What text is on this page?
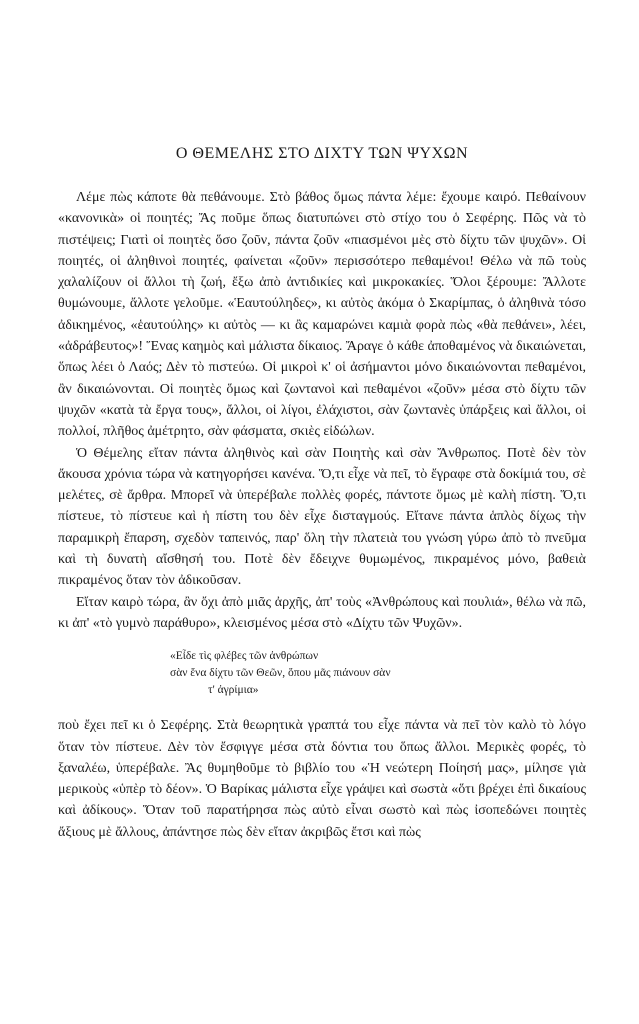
Ο ΘΕΜΕΛΗΣ ΣΤΟ ΔΙΧΤΥ ΤΩΝ ΨΥΧΩΝ

Λέμε πὼς κάποτε θὰ πεθάνουμε. Στὸ βάθος ὅμως πάντα λέμε: ἔχουμε καιρό. Πεθαίνουν «κανονικὰ» οἱ ποιητές; Ἄς ποῦμε ὅπως διατυπώνει στὸ στίχο του ὁ Σεφέρης. Πῶς νὰ τὸ πιστέψεις; Γιατὶ οἱ ποιητὲς ὅσο ζοῦν, πάντα ζοῦν «πιασμένοι μὲς στὸ δίχτυ τῶν ψυχῶν». Οἱ ποιητές, οἱ ἀληθινοὶ ποιητές, φαίνεται «ζοῦν» περισσότερο πεθαμένοι! Θέλω νὰ πῶ τοὺς χαλαλίζουν οἱ ἄλλοι τὴ ζωή, ἔξω ἀπὸ ἀντιδικίες καὶ μικροκακίες. Ὅλοι ξέρουμε: Ἄλλοτε θυμώνουμε, ἄλλοτε γελοῦμε. «Ἑαυτούληδες», κι αὐτὸς ἀκόμα ὁ Σκαρίμπας, ὁ ἀληθινὰ τόσο ἀδικημένος, «ἑαυτούλης» κι αὐτὸς — κι ἂς καμαρώνει καμιὰ φορὰ πὼς «θὰ πεθάνει», λέει, «ἀδράβευτος»! Ἕνας καημὸς καὶ μάλιστα δίκαιος. Ἄραγε ὁ κάθε ἀποθαμένος νὰ δικαιώνεται, ὅπως λέει ὁ Λαός; Δὲν τὸ πιστεύω. Οἱ μικροὶ κ' οἱ ἀσήμαντοι μόνο δικαιώνονται πεθαμένοι, ἂν δικαιώνονται. Οἱ ποιητὲς ὅμως καὶ ζωντανοὶ καὶ πεθαμένοι «ζοῦν» μέσα στὸ δίχτυ τῶν ψυχῶν «κατὰ τὰ ἔργα τους», ἄλλοι, οἱ λίγοι, ἐλάχιστοι, σὰν ζωντανὲς ὑπάρξεις καὶ ἄλλοι, οἱ πολλοί, πλῆθος ἀμέτρητο, σὰν φάσματα, σκιὲς εἰδώλων.

Ὁ Θέμελης εἴταν πάντα ἀληθινὸς καὶ σὰν Ποιητὴς καὶ σὰν Ἄνθρωπος. Ποτὲ δὲν τὸν ἄκουσα χρόνια τώρα νὰ κατηγορήσει κανένα. Ὅ,τι εἶχε νὰ πεῖ, τὸ ἔγραφε στὰ δοκίμιά του, σὲ μελέτες, σὲ ἄρθρα. Μπορεῖ νὰ ὑπερέβαλε πολλὲς φορές, πάντοτε ὅμως μὲ καλὴ πίστη. Ὅ,τι πίστευε, τὸ πίστευε καὶ ἡ πίστη του δὲν εἶχε δισταγμούς. Εἴτανε πάντα ἁπλὸς δίχως τὴν παραμικρὴ ἔπαρση, σχεδὸν ταπεινός, παρ' ὅλη τὴν πλατειὰ του γνώση γύρω ἀπὸ τὸ πνεῦμα καὶ τὴ δυνατὴ αἴσθησή του. Ποτὲ δὲν ἔδειχνε θυμωμένος, πικραμένος μόνο, βαθειὰ πικραμένος ὅταν τὸν ἀδικοῦσαν.

Εἴταν καιρὸ τώρα, ἂν ὄχι ἀπὸ μιᾶς ἀρχῆς, ἀπ' τοὺς «Ἀνθρώπους καὶ πουλιά», θέλω νὰ πῶ, κι ἀπ' «τὸ γυμνὸ παράθυρο», κλεισμένος μέσα στὸ «Δίχτυ τῶν Ψυχῶν».

«Εἶδε τὶς φλέβες τῶν ἀνθρώπων
σὰν ἕνα δίχτυ τῶν Θεῶν, ὅπου μᾶς πιάνουν σὰν
τ' ἀγρίμια»

ποὺ ἔχει πεῖ κι ὁ Σεφέρης. Στὰ θεωρητικὰ γραπτά του εἶχε πάντα νὰ πεῖ τὸν καλὸ τὸ λόγο ὅταν τὸν πίστευε. Δὲν τὸν ἔσφιγγε μέσα στὰ δόντια του ὅπως ἄλλοι. Μερικὲς φορές, τὸ ξαναλέω, ὑπερέβαλε. Ἂς θυμηθοῦμε τὸ βιβλίο του «Ἡ νεώτερη Ποίησή μας», μίλησε γιὰ μερικοὺς «ὑπὲρ τὸ δέον». Ὁ Βαρίκας μάλιστα εἶχε γράψει καὶ σωστὰ «ὅτι βρέχει ἐπὶ δικαίους καὶ ἀδίκους». Ὅταν τοῦ παρατήρησα πὼς αὐτὸ εἶναι σωστὸ καὶ πὼς ἰσοπεδώνει ποιητὲς ἄξιους μὲ ἄλλους, ἀπάντησε πὼς δὲν εἴταν ἀκριβῶς ἔτσι καὶ πὼς
